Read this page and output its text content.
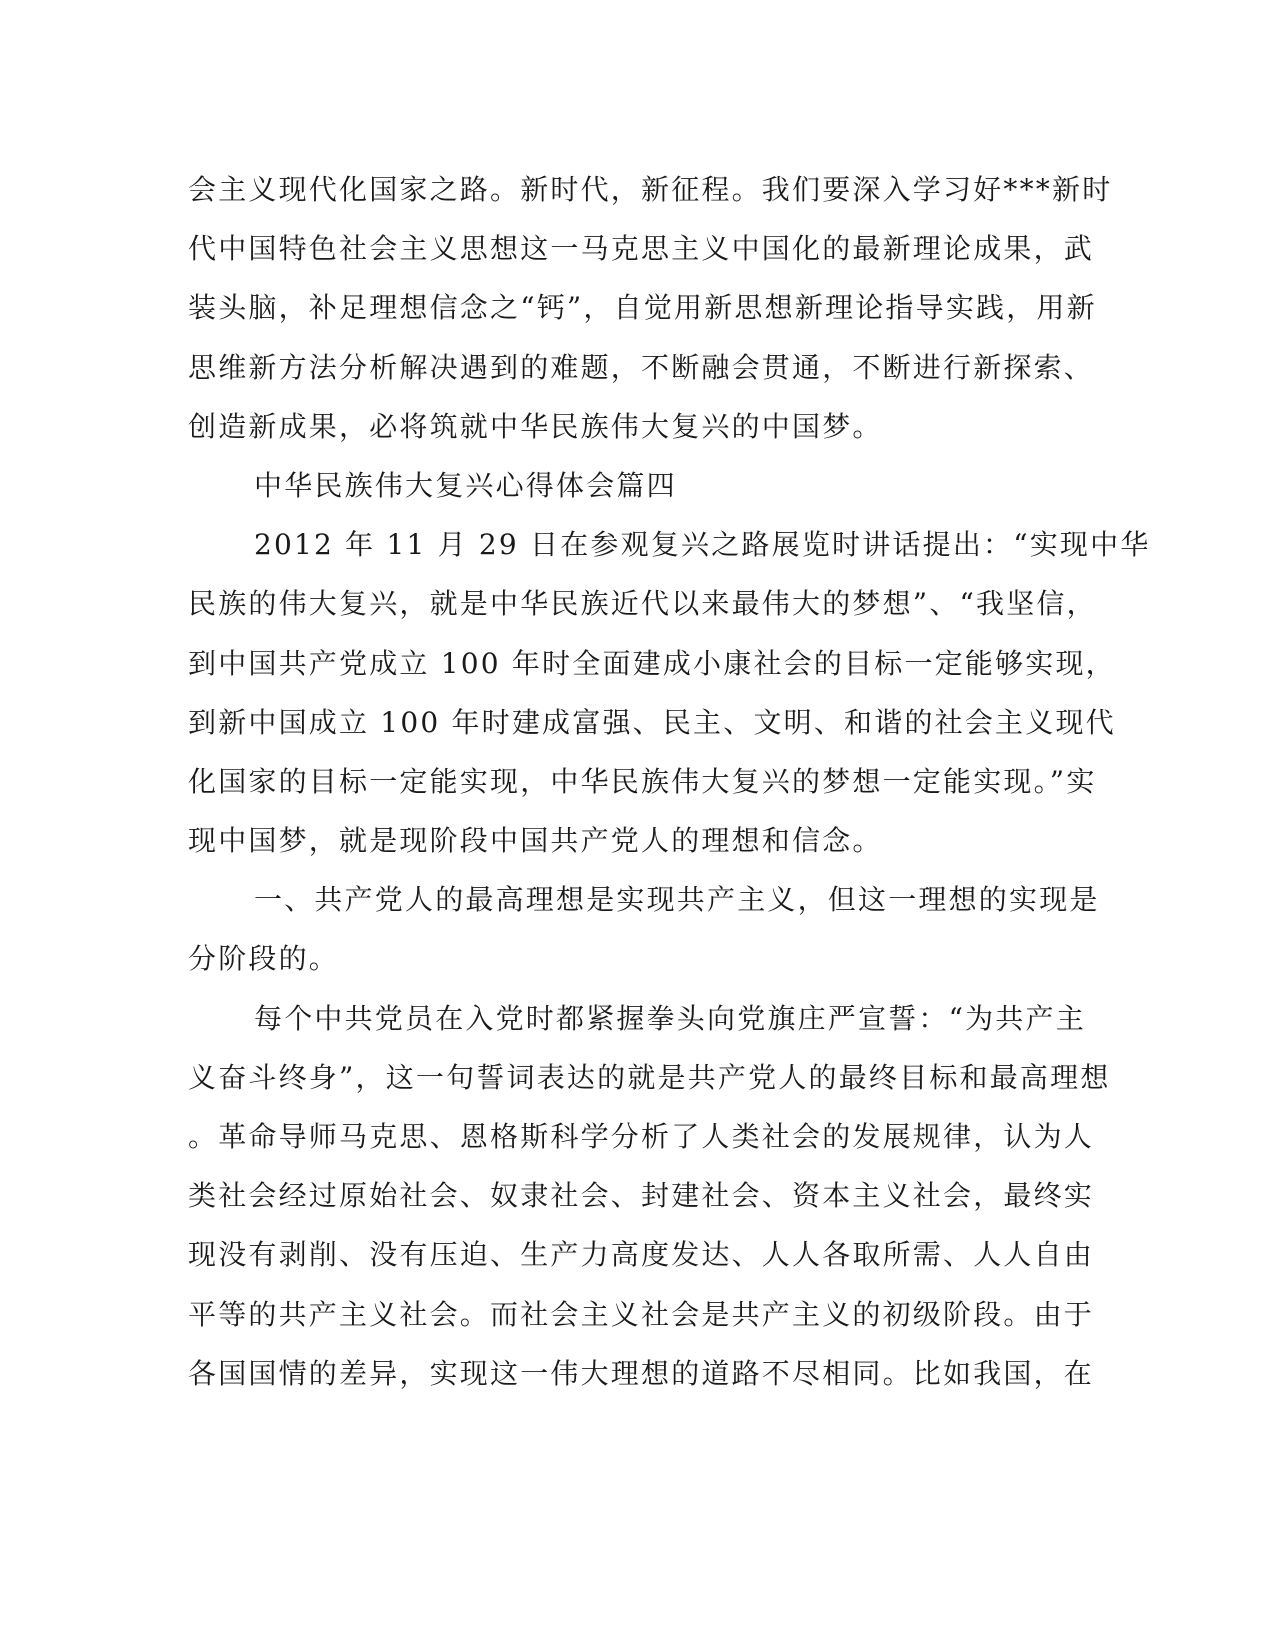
会主义现代化国家之路。新时代，新征程。我们要深入学习好***新时
代中国特色社会主义思想这一马克思主义中国化的最新理论成果，武
装头脑，补足理想信念之“钙”，自觉用新思想新理论指导实践，用新
思维新方法分析解决遇到的难题，不断融会贯通，不断进行新探索、
创造新成果，必将筑就中华民族伟大复兴的中国梦。
中华民族伟大复兴心得体会篇四
2012 年 11 月 29 日在参观复兴之路展览时讲话提出：“实现中华
民族的伟大复兴，就是中华民族近代以来最伟大的梦想”、“我坚信，
到中国共产党成立 100 年时全面建成小康社会的目标一定能够实现，
到新中国成立 100 年时建成富强、民主、文明、和谐的社会主义现代
化国家的目标一定能实现，中华民族伟大复兴的梦想一定能实现。”实
现中国梦，就是现阶段中国共产党人的理想和信念。
一、共产党人的最高理想是实现共产主义，但这一理想的实现是
分阶段的。
每个中共党员在入党时都紧握拳头向党旗庄严宣誓：“为共产主
义奋斗终身”，这一句誓词表达的就是共产党人的最终目标和最高理想
。革命导师马克思、恩格斯科学分析了人类社会的发展规律，认为人
类社会经过原始社会、奴隶社会、封建社会、资本主义社会，最终实
现没有剥削、没有压迫、生产力高度发达、人人各取所需、人人自由
平等的共产主义社会。而社会主义社会是共产主义的初级阶段。由于
各国国情的差异，实现这一伟大理想的道路不尽相同。比如我国，在
